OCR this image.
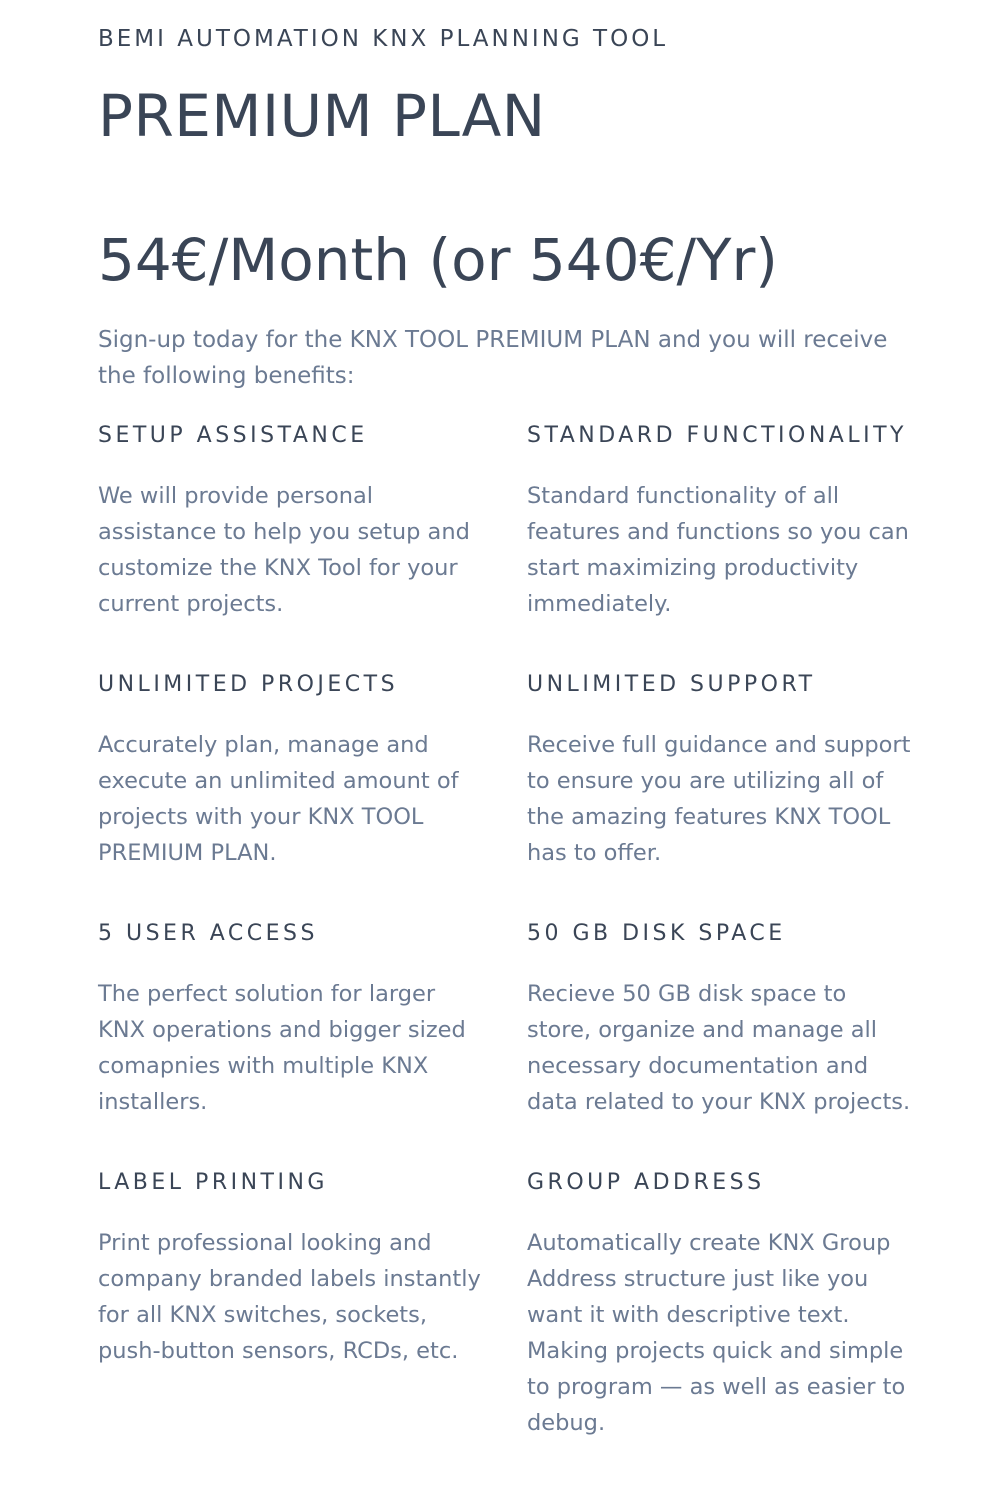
BEMI AUTOMATION KNX PLANNING TOOL

PREMIUM PLAN
54€/Month (or 540€/Yr)

Sign-up today for the KNX TOOL PREMIUM PLAN and you will receive the following benefits:

SETUP ASSISTANCE

We will provide personal assistance to help you setup and customize the KNX Tool for your current projects.

STANDARD FUNCTIONALITY

Standard functionality of all features and functions so you can start maximizing productivity immediately.

UNLIMITED PROJECTS

Accurately plan, manage and execute an unlimited amount of projects with your KNX TOOL PREMIUM PLAN.

UNLIMITED SUPPORT

Receive full guidance and support to ensure you are utilizing all of the amazing features KNX TOOL has to offer.

5 USER ACCESS

The perfect solution for larger KNX operations and bigger sized comapnies with multiple KNX installers.

50 GB DISK SPACE

Recieve 50 GB disk space to store, organize and manage all necessary documentation and data related to your KNX projects.

LABEL PRINTING

Print professional looking and company branded labels instantly for all KNX switches, sockets, push-button sensors, RCDs, etc.

GROUP ADDRESS

Automatically create KNX Group Address structure just like you want it with descriptive text. Making projects quick and simple to program — as well as easier to debug.
